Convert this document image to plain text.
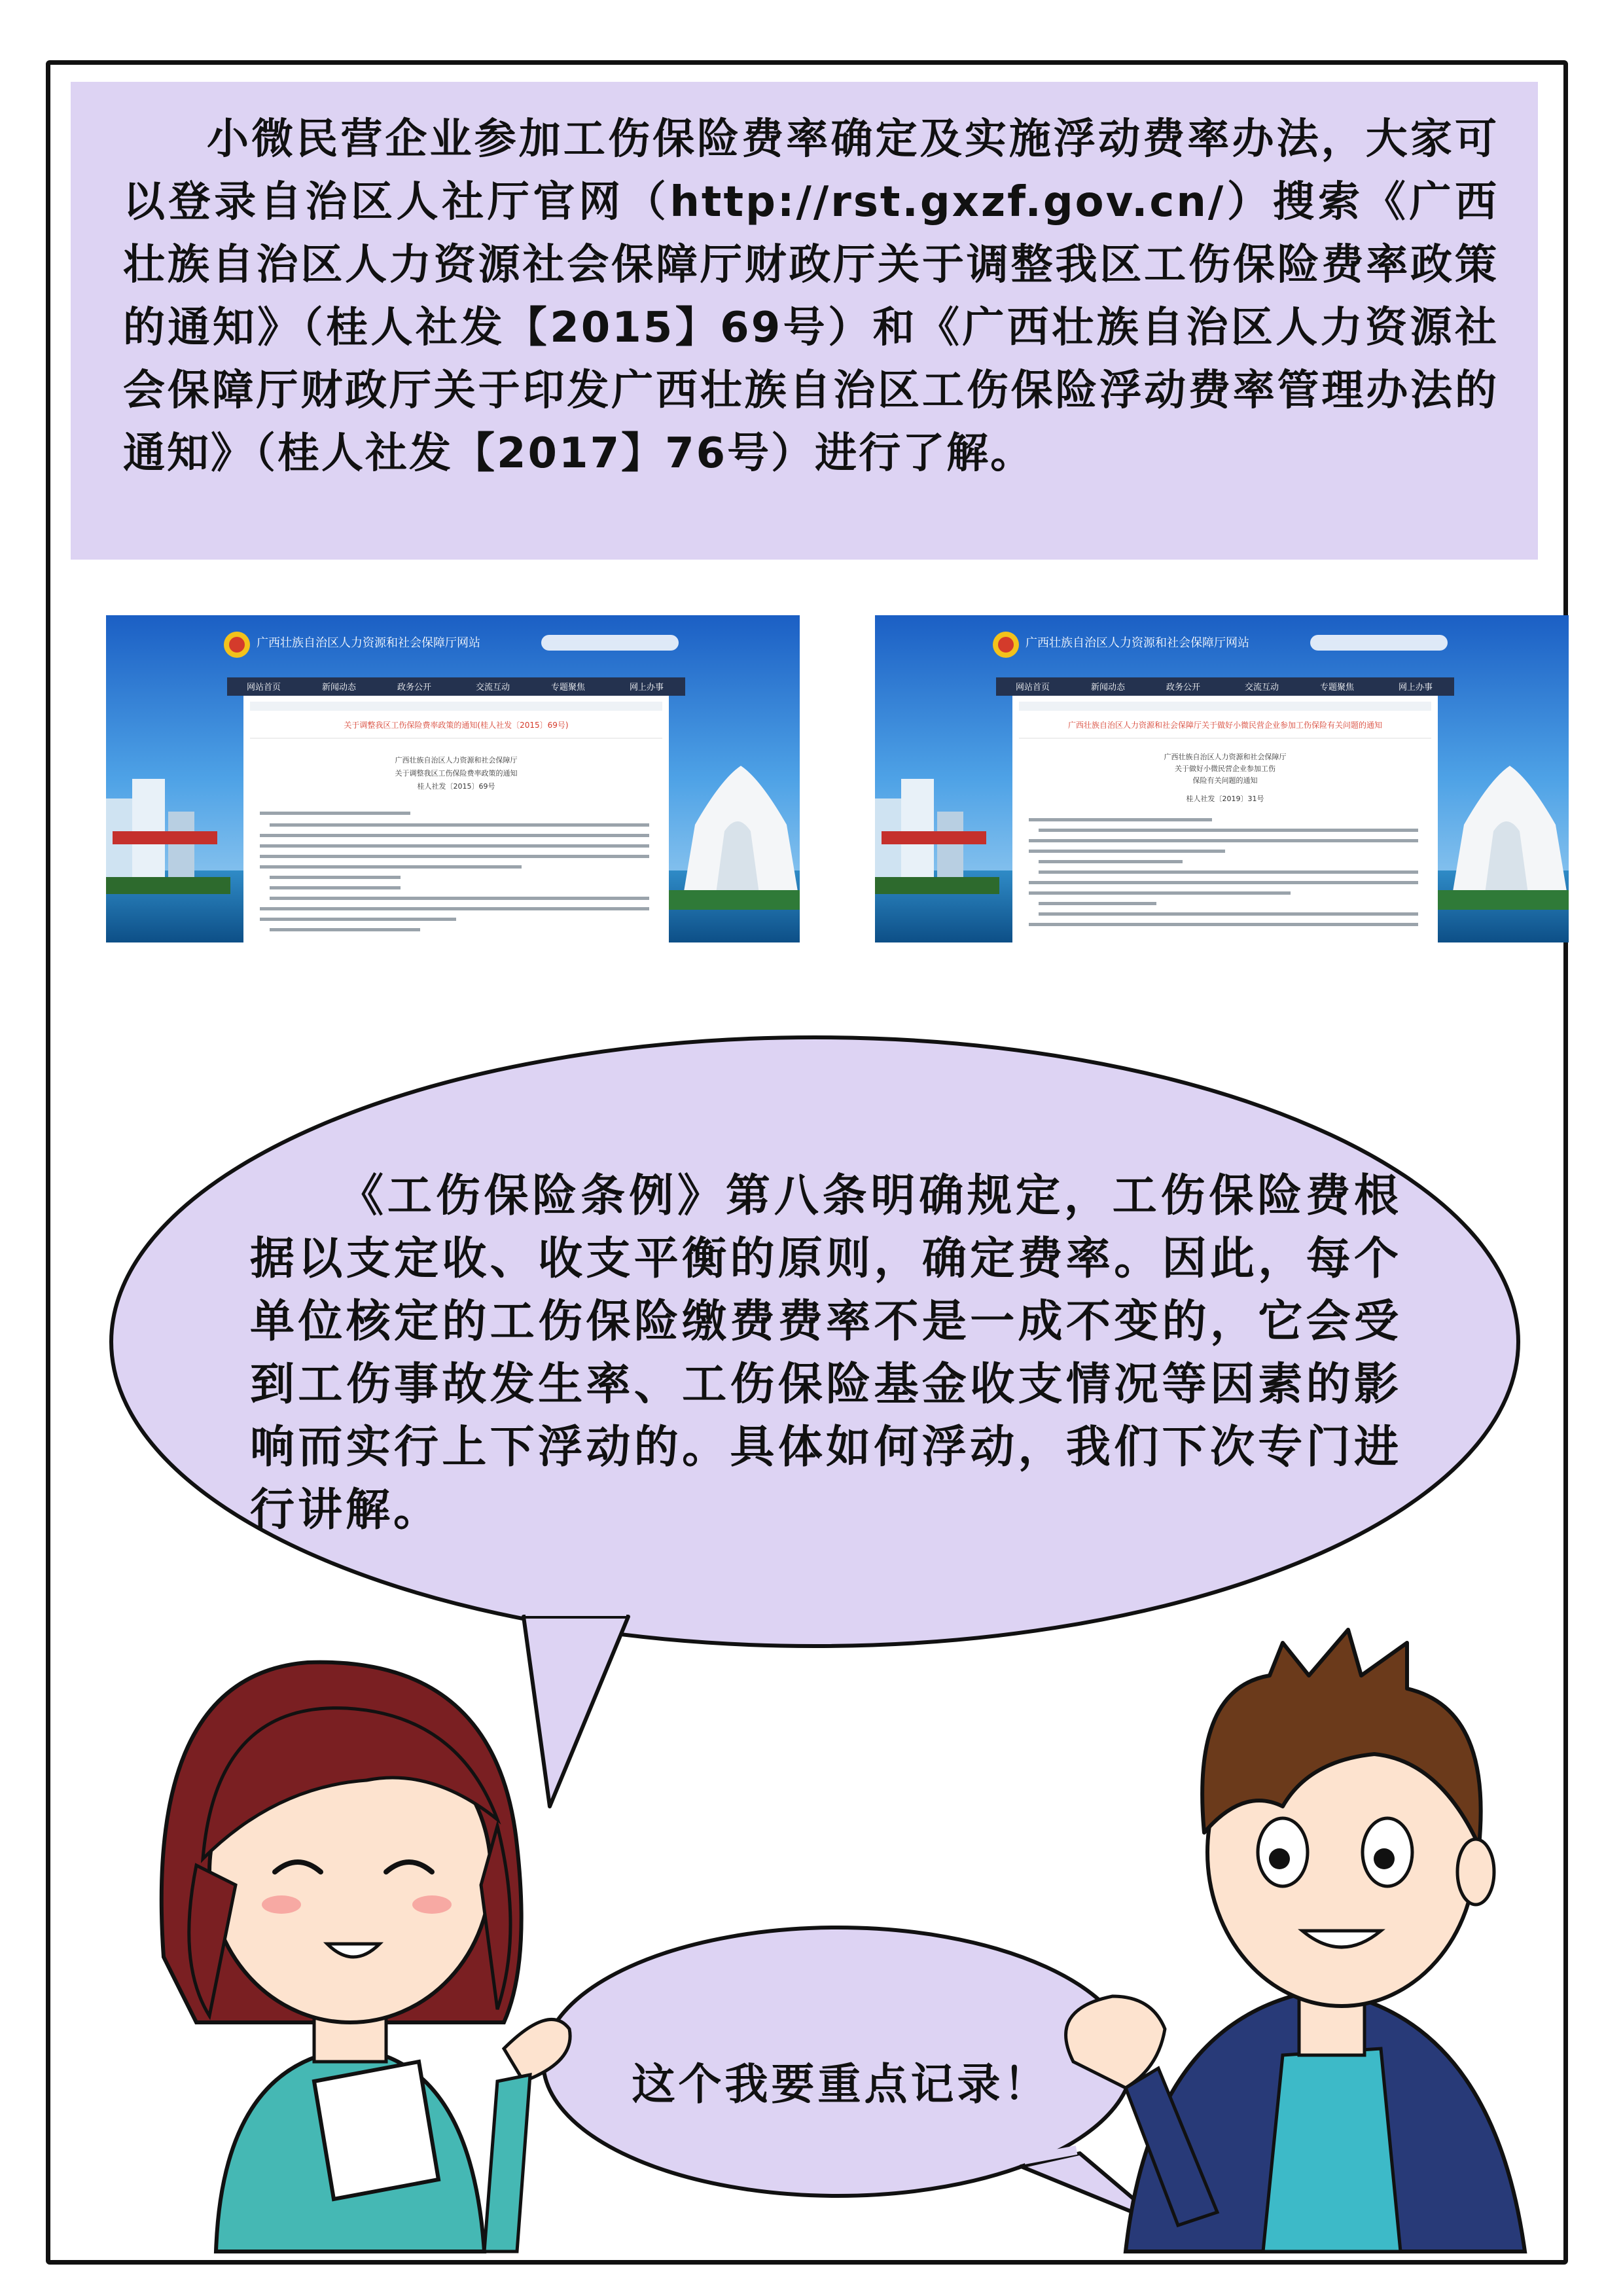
小微民营企业参加工伤保险费率确定及实施浮动费率办法，大家可以登录自治区人社厅官网（http://rst.gxzf.gov.cn/）搜索《广西壮族自治区人力资源社会保障厅财政厅关于调整我区工伤保险费率政策的通知》（桂人社发【2015】69号）和《广西壮族自治区人力资源社会保障厅财政厅关于印发广西壮族自治区工伤保险浮动费率管理办法的通知》（桂人社发【2017】76号）进行了解。

广西壮族自治区人力资源和社会保障厅网站
网站首页	新闻动态	政务公开	交流互动	专题聚焦	网上办事
关于调整我区工伤保险费率政策的通知(桂人社发〔2015〕69号)
广西壮族自治区人力资源和社会保障厅
关于调整我区工伤保险费率政策的通知
桂人社发〔2015〕69号
广西壮族自治区人力资源和社会保障厅网站
网站首页	新闻动态	政务公开	交流互动	专题聚焦	网上办事
广西壮族自治区人力资源和社会保障厅关于做好小微民营企业参加工伤保险有关问题的通知
广西壮族自治区人力资源和社会保障厅
关于做好小微民营企业参加工伤
保险有关问题的通知
桂人社发〔2019〕31号

《工伤保险条例》第八条明确规定，工伤保险费根据以支定收、收支平衡的原则，确定费率。因此，每个单位核定的工伤保险缴费费率不是一成不变的，它会受到工伤事故发生率、工伤保险基金收支情况等因素的影响而实行上下浮动的。具体如何浮动，我们下次专门进行讲解。

这个我要重点记录！
